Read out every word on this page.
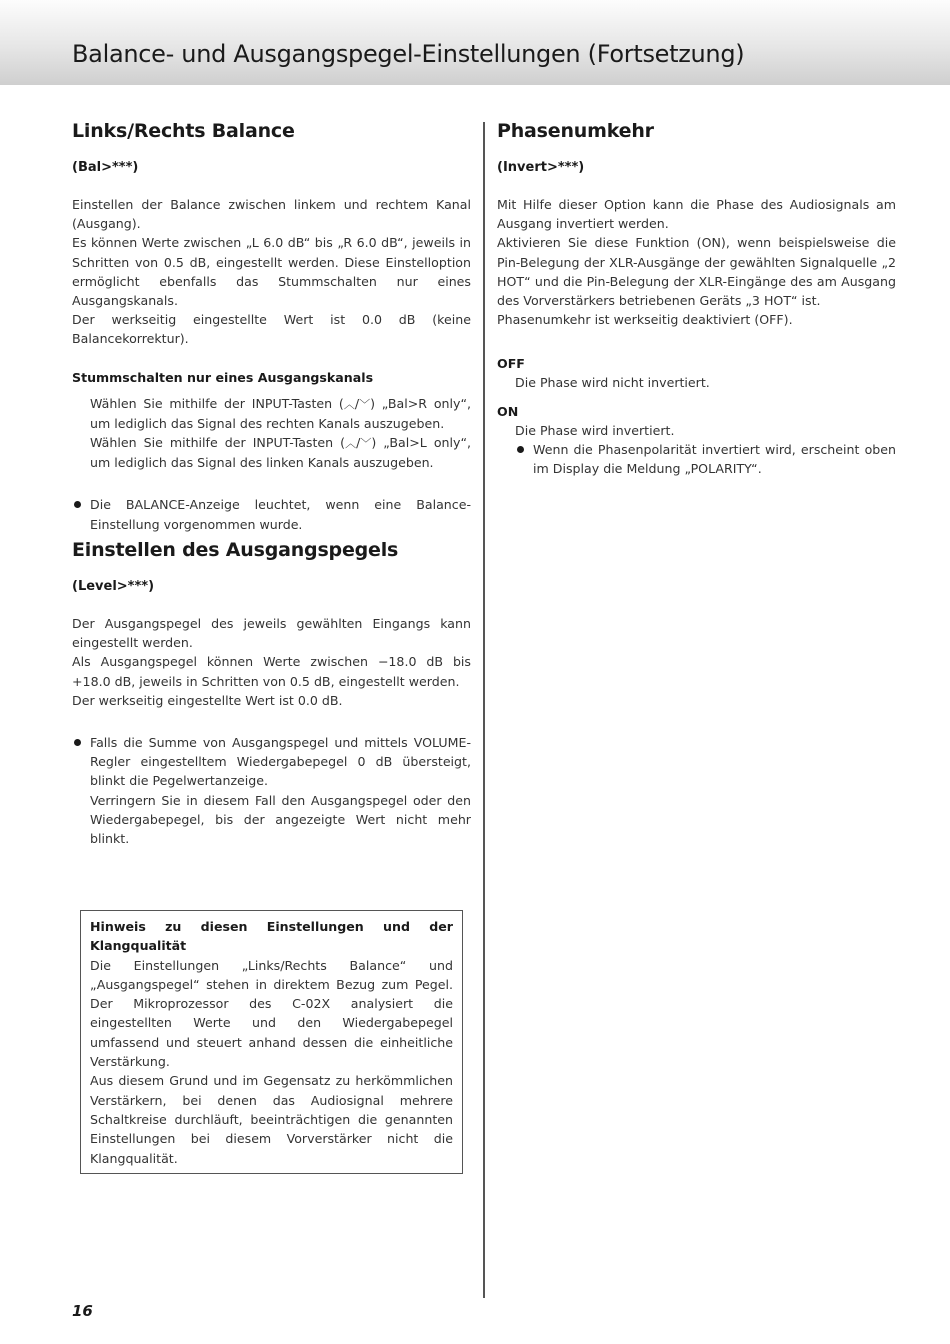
Balance- und Ausgangspegel-Einstellungen (Fortsetzung)
Links/Rechts Balance
(Bal>***)

Einstellen der Balance zwischen linkem und rechtem Kanal (Ausgang).

Es können Werte zwischen „L 6.0 dB“ bis „R 6.0 dB“, jeweils in Schritten von 0.5 dB, eingestellt werden. Diese Einstelloption ermöglicht ebenfalls das Stummschalten nur eines Ausgangskanals.

Der werkseitig eingestellte Wert ist 0.0 dB (keine Balancekorrektur).

Stummschalten nur eines Ausgangskanals

Wählen Sie mithilfe der INPUT-Tasten (︿/﹀) „Bal>R only“, um lediglich das Signal des rechten Kanals auszugeben.

Wählen Sie mithilfe der INPUT-Tasten (︿/﹀) „Bal>L only“, um lediglich das Signal des linken Kanals auszugeben.

Die BALANCE-Anzeige leuchtet, wenn eine Balance-Einstellung vorgenommen wurde.

Einstellen des Ausgangspegels
(Level>***)

Der Ausgangspegel des jeweils gewählten Eingangs kann eingestellt werden.

Als Ausgangspegel können Werte zwischen −18.0 dB bis +18.0 dB, jeweils in Schritten von 0.5 dB, eingestellt werden.

Der werkseitig eingestellte Wert ist 0.0 dB.

Falls die Summe von Ausgangspegel und mittels VOLUME-Regler eingestelltem Wiedergabepegel 0 dB übersteigt, blinkt die Pegelwertanzeige.

Verringern Sie in diesem Fall den Ausgangspegel oder den Wiedergabepegel, bis der angezeigte Wert nicht mehr blinkt.

Phasenumkehr
(Invert>***)

Mit Hilfe dieser Option kann die Phase des Audiosignals am Ausgang invertiert werden.

Aktivieren Sie diese Funktion (ON), wenn beispielsweise die Pin-Belegung der XLR-Ausgänge der gewählten Signalquelle „2 HOT“ und die Pin-Belegung der XLR-Eingänge des am Ausgang des Vorverstärkers betriebenen Geräts „3 HOT“ ist.

Phasenumkehr ist werkseitig deaktiviert (OFF).

OFF

Die Phase wird nicht invertiert.

ON

Die Phase wird invertiert.

Wenn die Phasenpolarität invertiert wird, erscheint oben im Display die Meldung „POLARITY“.

Hinweis zu diesen Einstellungen und der Klangqualität

Die Einstellungen „Links/Rechts Balance“ und „Ausgangspegel“ stehen in direktem Bezug zum Pegel. Der Mikroprozessor des C-02X analysiert die eingestellten Werte und den Wiedergabepegel umfassend und steuert anhand dessen die einheitliche Verstärkung.

Aus diesem Grund und im Gegensatz zu herkömmlichen Verstärkern, bei denen das Audiosignal mehrere Schaltkreise durchläuft, beeinträchtigen die genannten Einstellungen bei diesem Vorverstärker nicht die Klangqualität.

16
